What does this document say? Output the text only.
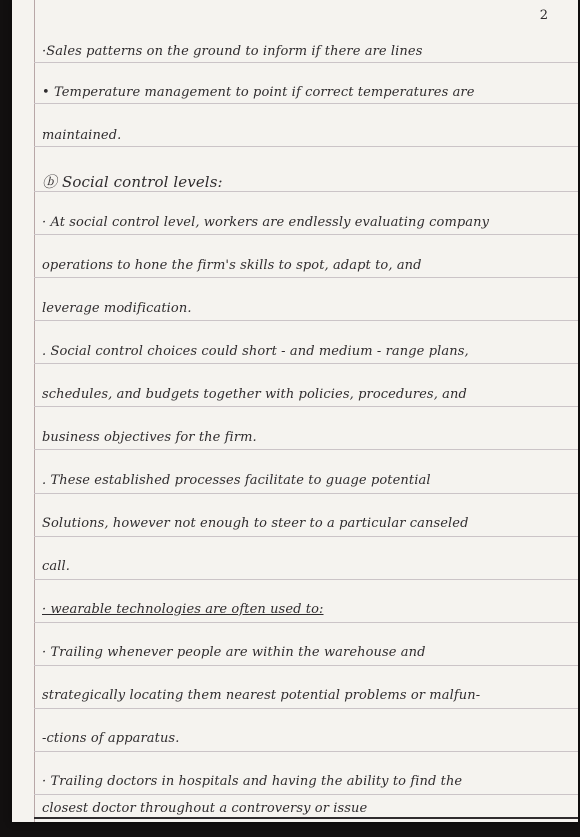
2
·Sales patterns on the ground to inform if there are lines
• Temperature management to point if correct temperatures are
maintained.
ⓑ Social control levels:
· At social control level, workers are endlessly evaluating company
operations to hone the firm's skills to spot, adapt to, and
leverage modification.
. Social control choices could short - and medium - range plans,
schedules, and budgets together with policies, procedures, and
business objectives for the firm.
. These established processes facilitate to guage potential
Solutions, however not enough to steer to a particular canseled
call.
· wearable technologies are often used to:
· Trailing whenever people are within the warehouse and
strategically locating them nearest potential problems or malfun-
-ctions of apparatus.
· Trailing doctors in hospitals and having the ability to find the
closest doctor throughout a controversy or issue
